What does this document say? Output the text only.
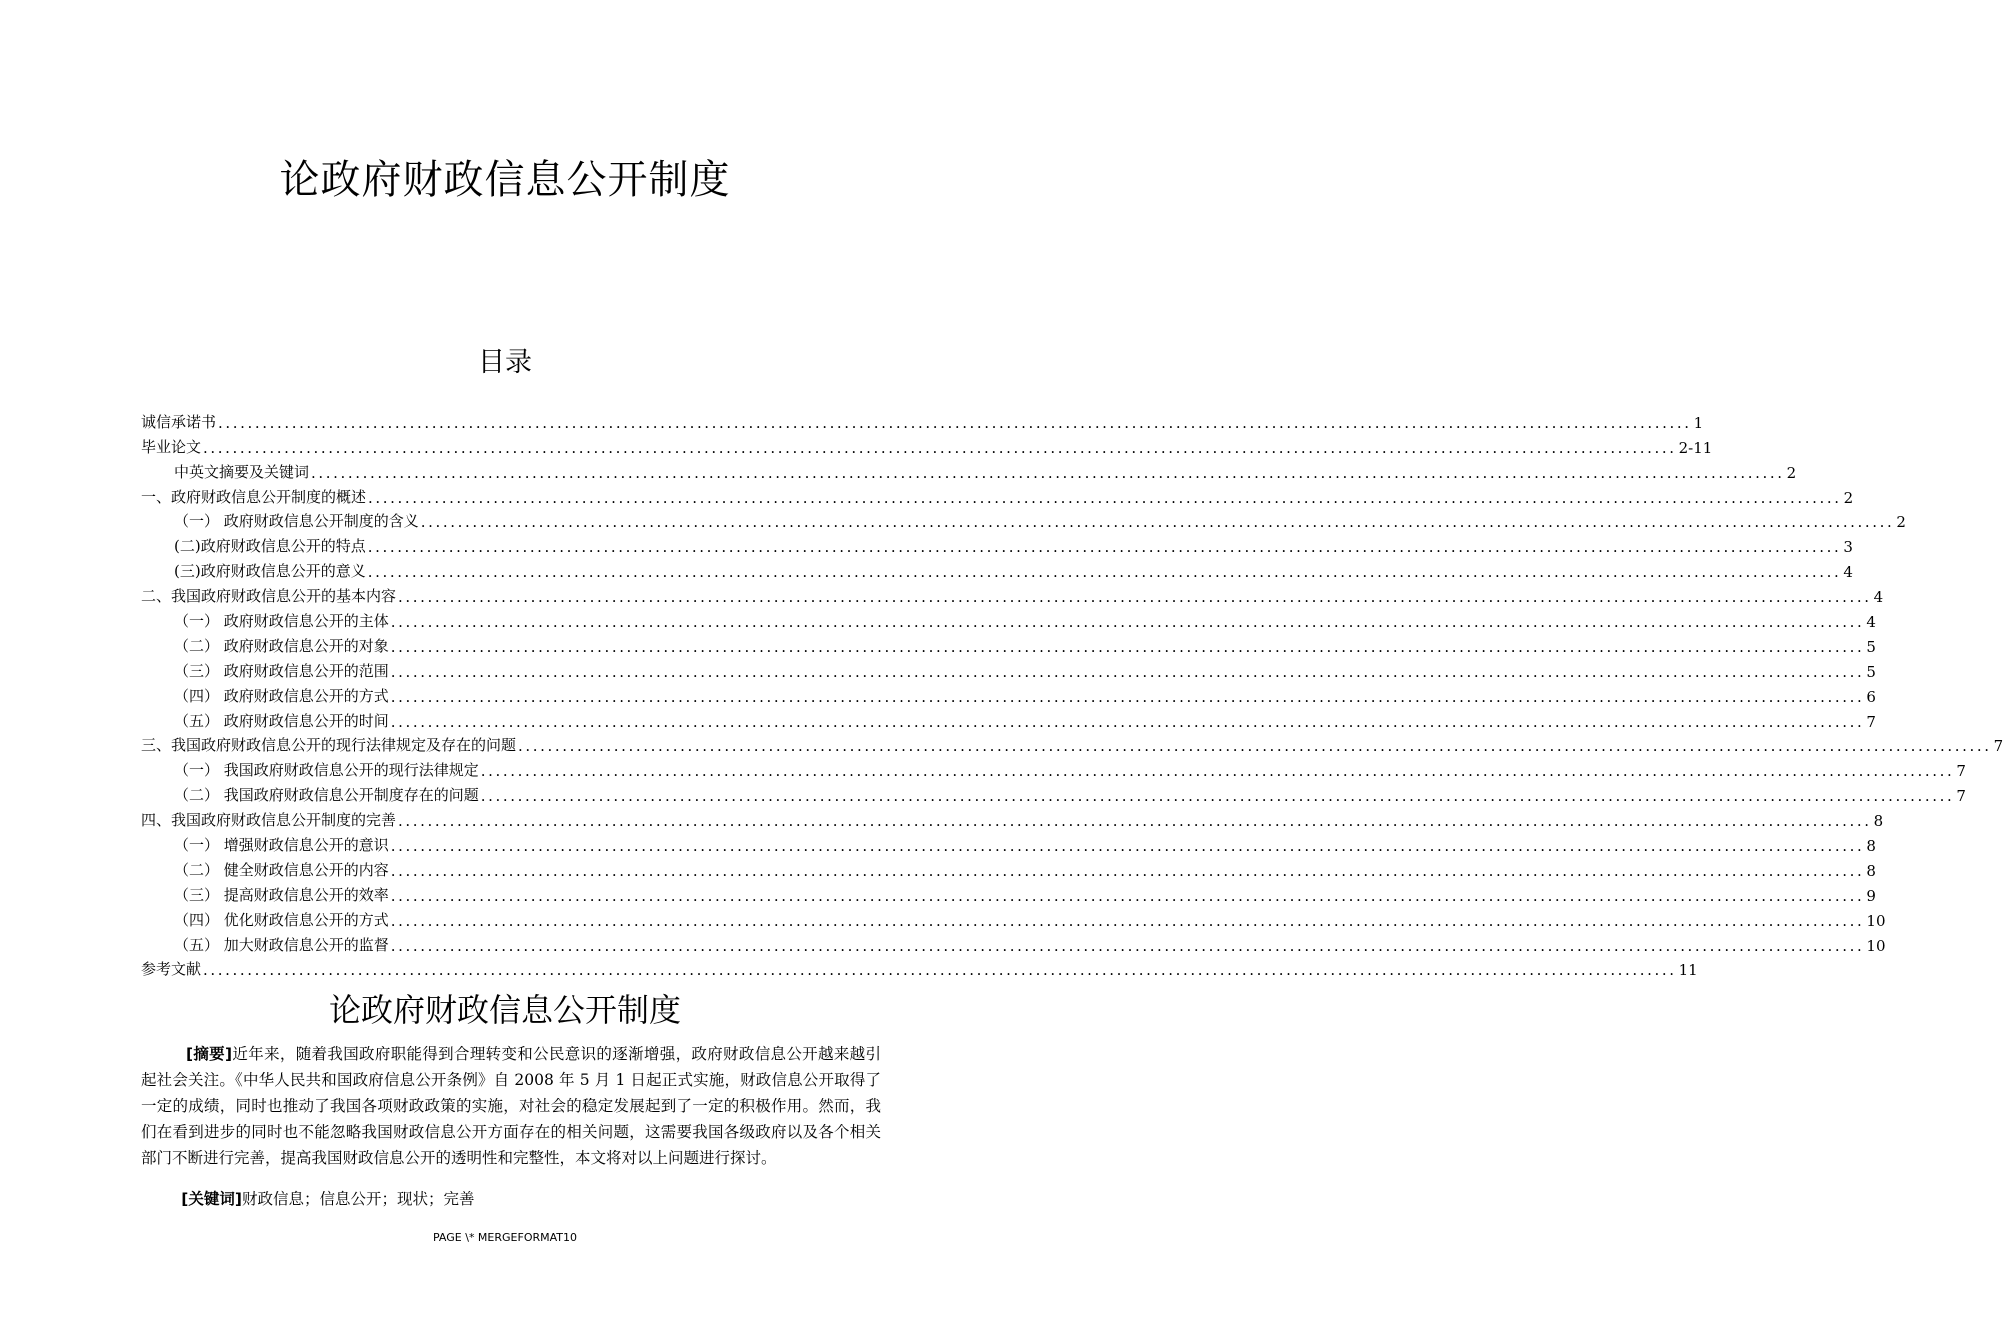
论政府财政信息公开制度
目录
诚信承诺书 ........................................................................................................................................................................................................ 1
毕业论文 ........................................................................................................................................................................................................ 2-11
中英文摘要及关键词 ........................................................................................................................................................................................................ 2
一、政府财政信息公开制度的概述 ........................................................................................................................................................................................................ 2
（一） 政府财政信息公开制度的含义 ........................................................................................................................................................................................................ 2
(二)政府财政信息公开的特点 ........................................................................................................................................................................................................ 3
(三)政府财政信息公开的意义 ........................................................................................................................................................................................................ 4
二、我国政府财政信息公开的基本内容 ........................................................................................................................................................................................................ 4
（一） 政府财政信息公开的主体 ........................................................................................................................................................................................................ 4
（二） 政府财政信息公开的对象 ........................................................................................................................................................................................................ 5
（三） 政府财政信息公开的范围 ........................................................................................................................................................................................................ 5
（四） 政府财政信息公开的方式 ........................................................................................................................................................................................................ 6
（五） 政府财政信息公开的时间 ........................................................................................................................................................................................................ 7
三、我国政府财政信息公开的现行法律规定及存在的问题 ........................................................................................................................................................................................................ 7
（一） 我国政府财政信息公开的现行法律规定 ........................................................................................................................................................................................................ 7
（二） 我国政府财政信息公开制度存在的问题 ........................................................................................................................................................................................................ 7
四、我国政府财政信息公开制度的完善 ........................................................................................................................................................................................................ 8
（一） 增强财政信息公开的意识 ........................................................................................................................................................................................................ 8
（二） 健全财政信息公开的内容 ........................................................................................................................................................................................................ 8
（三） 提高财政信息公开的效率 ........................................................................................................................................................................................................ 9
（四） 优化财政信息公开的方式 ........................................................................................................................................................................................................ 10
（五） 加大财政信息公开的监督 ........................................................................................................................................................................................................ 10
参考文献 ........................................................................................................................................................................................................ 11
论政府财政信息公开制度
[摘要]近年来，随着我国政府职能得到合理转变和公民意识的逐渐增强，政府财政信息公开越来越引起社会关注。《中华人民共和国政府信息公开条例》自 2008 年 5 月 1 日起正式实施，财政信息公开取得了一定的成绩，同时也推动了我国各项财政政策的实施，对社会的稳定发展起到了一定的积极作用。然而，我们在看到进步的同时也不能忽略我国财政信息公开方面存在的相关问题，这需要我国各级政府以及各个相关部门不断进行完善，提高我国财政信息公开的透明性和完整性，本文将对以上问题进行探讨。
[关键词]财政信息；信息公开；现状；完善
PAGE \* MERGEFORMAT10
